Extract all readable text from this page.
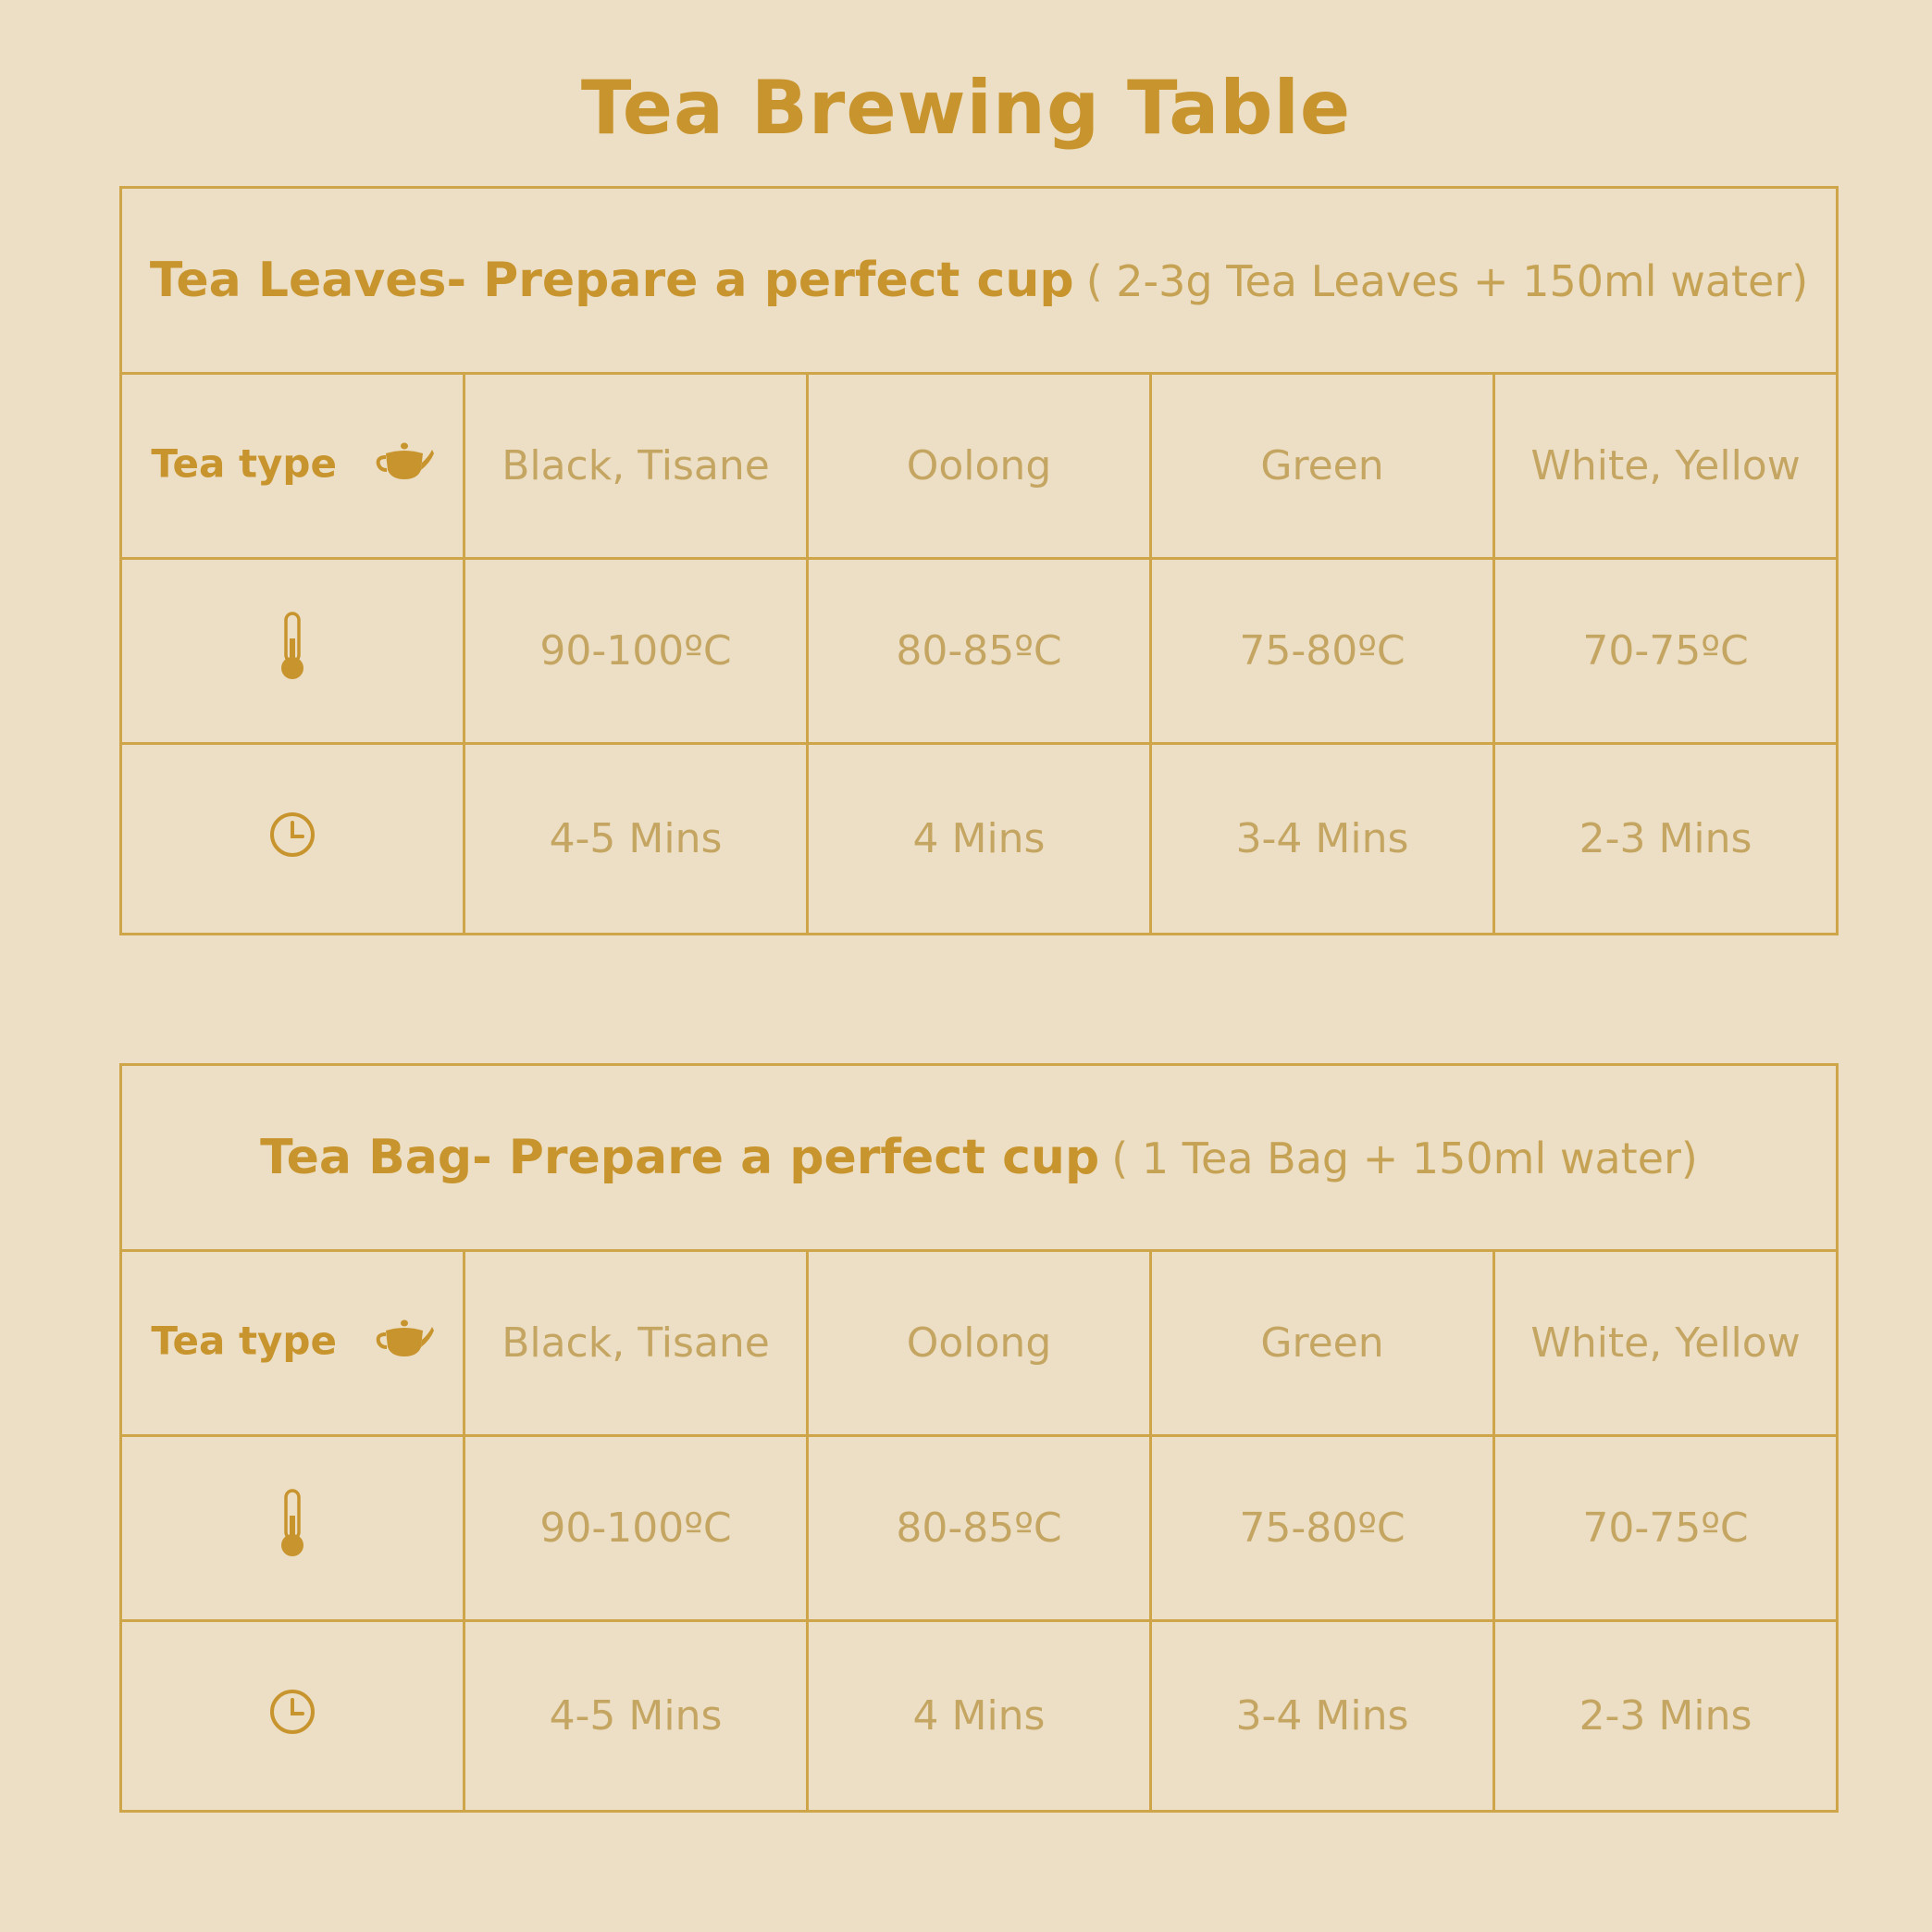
Tea Brewing Table
Tea Leaves- Prepare a perfect cup ( 2-3g Tea Leaves + 150ml water)				
Tea type	Black, Tisane	Oolong	Green	White, Yellow
	90-100ºC	80-85ºC	75-80ºC	70-75ºC
	4-5 Mins	4 Mins	3-4 Mins	2-3 Mins
Tea Bag- Prepare a perfect cup ( 1 Tea Bag + 150ml water)				
Tea type	Black, Tisane	Oolong	Green	White, Yellow
	90-100ºC	80-85ºC	75-80ºC	70-75ºC
	4-5 Mins	4 Mins	3-4 Mins	2-3 Mins
